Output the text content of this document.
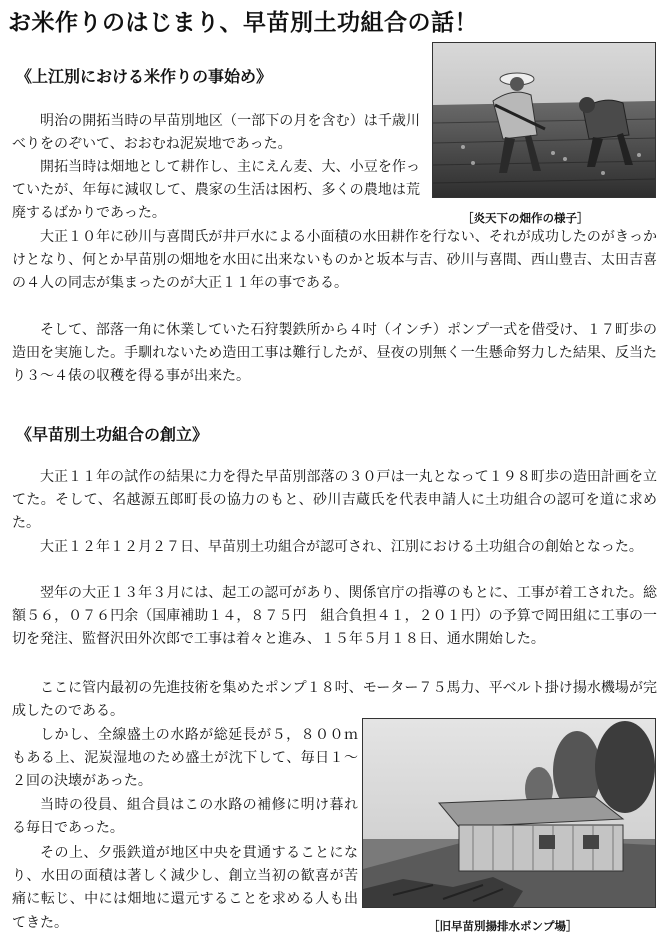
お米作りのはじまり、早苗別土功組合の話！
《上江別における米作りの事始め》
明治の開拓当時の早苗別地区（一部下の月を含む）は千歳川べりをのぞいて、おおむね泥炭地であった。
開拓当時は畑地として耕作し、主にえん麦、大、小豆を作っていたが、年毎に減収して、農家の生活は困朽、多くの農地は荒廃するばかりであった。
大正１０年に砂川与喜間氏が井戸水による小面積の水田耕作を行ない、それが成功したのがきっかけとなり、何とか早苗別の畑地を水田に出来ないものかと坂本与吉、砂川与喜間、西山豊吉、太田吉喜の４人の同志が集まったのが大正１１年の事である。
そして、部落一角に休業していた石狩製鉄所から４吋（インチ）ポンプ一式を借受け、１７町歩の造田を実施した。手馴れないため造田工事は難行したが、昼夜の別無く一生懸命努力した結果、反当たり３～４俵の収穫を得る事が出来た。
［炎天下の畑作の様子］
《早苗別土功組合の創立》
大正１１年の試作の結果に力を得た早苗別部落の３０戸は一丸となって１９８町歩の造田計画を立てた。そして、名越源五郎町長の協力のもと、砂川吉蔵氏を代表申請人に土功組合の認可を道に求めた。
大正１２年１２月２７日、早苗別土功組合が認可され、江別における土功組合の創始となった。
翌年の大正１３年３月には、起工の認可があり、関係官庁の指導のもとに、工事が着工された。総額５６，０７６円余（国庫補助１４，８７５円　組合負担４１，２０１円）の予算で岡田組に工事の一切を発注、監督沢田外次郎で工事は着々と進み、１５年５月１８日、通水開始した。
ここに管内最初の先進技術を集めたポンプ１８吋、モーター７５馬力、平ベルト掛け揚水機場が完成したのである。
しかし、全線盛土の水路が総延長が５，８００ｍもある上、泥炭湿地のため盛土が沈下して、毎日１～２回の決壊があった。
当時の役員、組合員はこの水路の補修に明け暮れる毎日であった。
その上、夕張鉄道が地区中央を貫通することになり、水田の面積は著しく減少し、創立当初の歓喜が苦痛に転じ、中には畑地に還元することを求める人も出てきた。	［旧早苗別揚排水ポンプ場］
